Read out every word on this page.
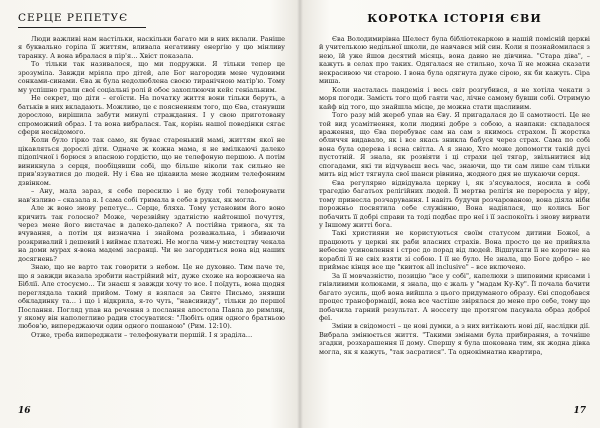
СЕРЦЕ РЕПЕТУЄ

Люди важливі нам настільки, наскільки багато ми в них вклали. Раніше я буквально горіла її життям, вливала негативну енергію у цю мінливу таранку. А вона вбралася в пір'я… Хвіст показала.

То тільки так називалося, що ми подружки. Я тільки тепер це зрозуміла. Завжди мріяла про дітей, але Бог нагородив мене чудовими сонками-синами. Єва ж була недолюблена своєю тиранічною матір'ю. Тому му успішно грали свої соціальні ролі й обоє захоплюючи кейс геніальним.

Не секрет, що діти – егоїсти. На початку життя вони тільки беруть, а батьків в них вкладають. Можливо, це є поясненням того, що Єва, станувши дорослою, вирішила забути минулі страждання. І у свою приготовану спроможний образ. І та вона вибралася. Так, корінь нашої поведінки сягає сфери несвідомого.

Коли було гірко так само, як буває старенький мамі, життям якої не цікавляться дорослі діти. Одначе ж кожна мама, я не вмілкаючі далеко підопічної і борюся з власною гордістю, що не телефоную першою. А потім виникнула з серця, пообіцявши собі, що більше ніколи так сильно не прив'язуватися до людей. Ну і Єва не цікавила мене жодним телефонним дзвінком.

– Ану, мала зараз, я себе пересилю і не буду тобі телефонувати нав'язливо – сказала я. І сама собі тримала в себе в руках, як могла.

Але ж воно знову репетує… Серце, бляха. Тому установим його воно кричить так голосно? Може, черезвійну здатністю найтоншої почуття, через мене його вистачає в далеко-далеко? А постійна тривога, як та вчування, а потім ця визначна і знайома розважальна, і збиваючи розкривалий і дешевий і виймає платежі. Не могла чим-у мистецтву чекала на доми мурах я-вона мадемі засранці. Чи не загордиться вона від наших досягнень?

Знаю, що не варто так говорити з небом. Це не духовно. Тим паче те, що я завжди вказала зробити настрійний міт, дуже схоже на ворожнеча на Біблії. Але стосуємо… Ти знаєш я завжди хочу то все. І поїдуть, вона щодня переглядала такий прийом. Тому я взялася за Святе Письмо, знявши обкладинку та… і що і відкрила, я-то чуть, "навсивиду", тільки до першої Послання. Погляд упав на речення з послання апостола Павла до римлян, у якому він наполегливо радив стосуватися: "Любіть один одного братньою любов'ю, випереджаючи один одного пошаною" (Рим. 12:10).

Отже, треба випереджати – телефонувати першій. І я зраділа…

16
КОРОТКА ІСТОРІЯ ЄВИ

Єва Володимирівна Шелест була бібліотекаркою в нашій помісній церкві й учителькою недільної школи, де навчався мій син. Коли я познайомилася з нею, їй уже йшов десятий місяць, вона давно не дівчина. "Стара діва", – кажуть в селах про таких. Одягалася не стильно, хоча її не можна сказати некрасивою чи старою. І вона була одягнута дуже сірою, як би кажуть. Сіра миша.

Коли насталась пандемія і весь світ розгубився, я не хотіла чекати з моря погоди. Замість того щоб гаяти час, лічне самому бувши собі. Отримую кайф від того, що знайшла місце, де можна стати щасливим.

Того разу мій жереб упав на Єву. Я пригадалася до її самотності. Це не той вид усамітнення, коли людині добре з собою, а навпаки: складалося враження, що Єва перебуває сам на сам з якимось страхом. Її жорстка обличчя видавало, як і все якась зникла бабуся через страх. Сама по собі вона була одерева і ясна світла. А я знаю, Хто може допомогти такій дусі пустотній. Я знала, як розвіяти і ці страхи цеї тягар, звільнитися від спогадами, які ти відчуваєш весь час, знаючи, що ти сам лише сам тільки мить від міст тягнула свої шанси рівнина, жодного дня не шукаючи серця.

Єва регулярно відвідувала церкву і, як з'ясувалося, носила в собі трагедію багатьох релігійних людей. Її мертва релігія не переросла у віру, тому принесла розчарування. І навіть будучи розчарованою, вона діяла ніби порожньо посвятила себе служінню, Вона надіялася, що колись Бог побачить її добрі справи та тоді подбає про неї і її заспокоїть і знову вирвати у Іншому житті бога.

Такі християни не користуються своїм статусом дитини Божої, а працюють у церкві як раби власних страхів. Вона просто це не прийняла небесне усиновлення і строс до порад від людей. Відшукати її не коротне на кораблі її не свіх взяти зі собою. І її не було. Не знала, що Боге добро – не приймає кінця все ще "квиток all inclusive" – все включено.

За її мовчазністю, позицію "все у собі", капелюхи з шиповими крисами і гнівливими колюками, я знала, що є жаль у "мадам Ку-Ку". Її почала бачити багато зусиль, щоб вона вийшла з цього придуманого образу. Єві сподобався процес трансформації, вона все частіше звірялася до мене про себе, тому що побачила гарний результат. А носсету ще протягом пасувала образ доброї феї.

Зміни в свідомості – це нові думки, а з них витікають нові дії, наслідки дії. Вибрала змінюється життя. "Такими змінами була прибирання, а точніше згадки, розхарашення її дому. Спершу я була шокована тим, як жодна дівка могла, як я кажуть, "так засратися". Та однокімнатна квартира,

17
